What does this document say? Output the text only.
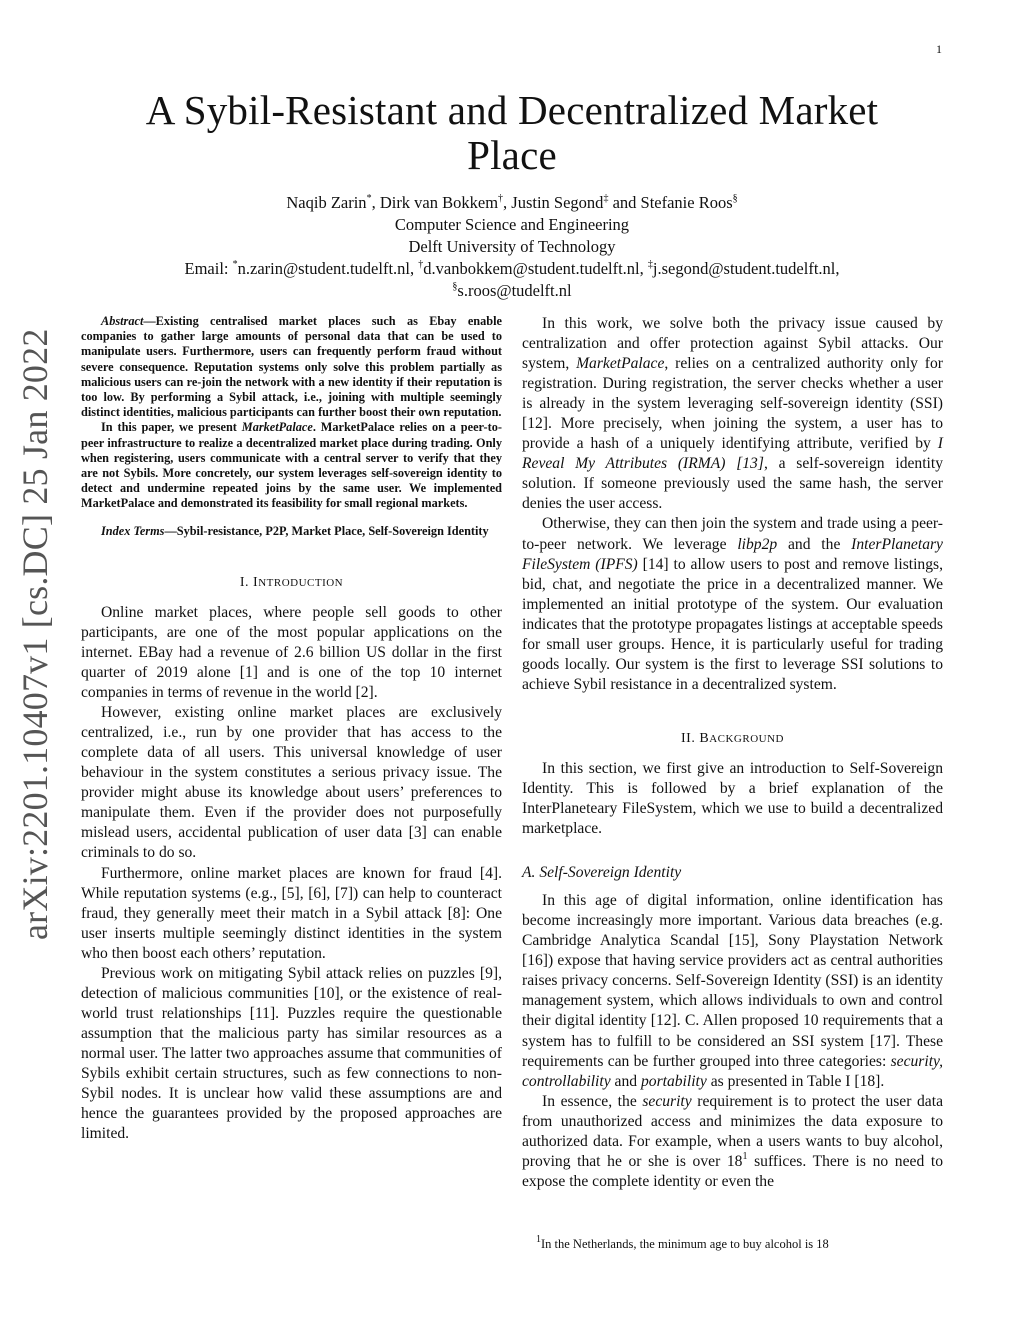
1
arXiv:2201.10407v1 [cs.DC] 25 Jan 2022
A Sybil-Resistant and Decentralized Market Place
Naqib Zarin*, Dirk van Bokkem†, Justin Segond‡ and Stefanie Roos§
Computer Science and Engineering
Delft University of Technology
Email: *n.zarin@student.tudelft.nl, †d.vanbokkem@student.tudelft.nl, ‡j.segond@student.tudelft.nl,
§s.roos@tudelft.nl

Abstract—Existing centralised market places such as Ebay enable companies to gather large amounts of personal data that can be used to manipulate users. Furthermore, users can frequently perform fraud without severe consequence. Reputation systems only solve this problem partially as malicious users can re-join the network with a new identity if their reputation is too low. By performing a Sybil attack, i.e., joining with multiple seemingly distinct identities, malicious participants can further boost their own reputation.

In this paper, we present MarketPalace. MarketPalace relies on a peer-to-peer infrastructure to realize a decentralized market place during trading. Only when registering, users communicate with a central server to verify that they are not Sybils. More concretely, our system leverages self-sovereign identity to detect and undermine repeated joins by the same user. We implemented MarketPalace and demonstrated its feasibility for small regional markets.

Index Terms—Sybil-resistance, P2P, Market Place, Self-Sovereign Identity
I. INTRODUCTION

Online market places, where people sell goods to other participants, are one of the most popular applications on the internet. EBay had a revenue of 2.6 billion US dollar in the first quarter of 2019 alone [1] and is one of the top 10 internet companies in terms of revenue in the world [2].

However, existing online market places are exclusively centralized, i.e., run by one provider that has access to the complete data of all users. This universal knowledge of user behaviour in the system constitutes a serious privacy issue. The provider might abuse its knowledge about users’ preferences to manipulate them. Even if the provider does not purposefully mislead users, accidental publication of user data [3] can enable criminals to do so.

Furthermore, online market places are known for fraud [4]. While reputation systems (e.g., [5], [6], [7]) can help to counteract fraud, they generally meet their match in a Sybil attack [8]: One user inserts multiple seemingly distinct identities in the system who then boost each others’ reputation.

Previous work on mitigating Sybil attack relies on puzzles [9], detection of malicious communities [10], or the existence of real-world trust relationships [11]. Puzzles require the questionable assumption that the malicious party has similar resources as a normal user. The latter two approaches assume that communities of Sybils exhibit certain structures, such as few connections to non-Sybil nodes. It is unclear how valid these assumptions are and hence the guarantees provided by the proposed approaches are limited.

In this work, we solve both the privacy issue caused by centralization and offer protection against Sybil attacks. Our system, MarketPalace, relies on a centralized authority only for registration. During registration, the server checks whether a user is already in the system leveraging self-sovereign identity (SSI) [12]. More precisely, when joining the system, a user has to provide a hash of a uniquely identifying attribute, verified by I Reveal My Attributes (IRMA) [13], a self-sovereign identity solution. If someone previously used the same hash, the server denies the user access.

Otherwise, they can then join the system and trade using a peer-to-peer network. We leverage libp2p and the InterPlanetary FileSystem (IPFS) [14] to allow users to post and remove listings, bid, chat, and negotiate the price in a decentralized manner. We implemented an initial prototype of the system. Our evaluation indicates that the prototype propagates listings at acceptable speeds for small user groups. Hence, it is particularly useful for trading goods locally. Our system is the first to leverage SSI solutions to achieve Sybil resistance in a decentralized system.

II. BACKGROUND

In this section, we first give an introduction to Self-Sovereign Identity. This is followed by a brief explanation of the InterPlaneteary FileSystem, which we use to build a decentralized marketplace.

A. Self-Sovereign Identity

In this age of digital information, online identification has become increasingly more important. Various data breaches (e.g. Cambridge Analytica Scandal [15], Sony Playstation Network [16]) expose that having service providers act as central authorities raises privacy concerns. Self-Sovereign Identity (SSI) is an identity management system, which allows individuals to own and control their digital identity [12]. C. Allen proposed 10 requirements that a system has to fulfill to be considered an SSI system [17]. These requirements can be further grouped into three categories: security, controllability and portability as presented in Table I [18].

In essence, the security requirement is to protect the user data from unauthorized access and minimizes the data exposure to authorized data. For example, when a users wants to buy alcohol, proving that he or she is over $18^1$ suffices. There is no need to expose the complete identity or even the

$^1$In the Netherlands, the minimum age to buy alcohol is 18
